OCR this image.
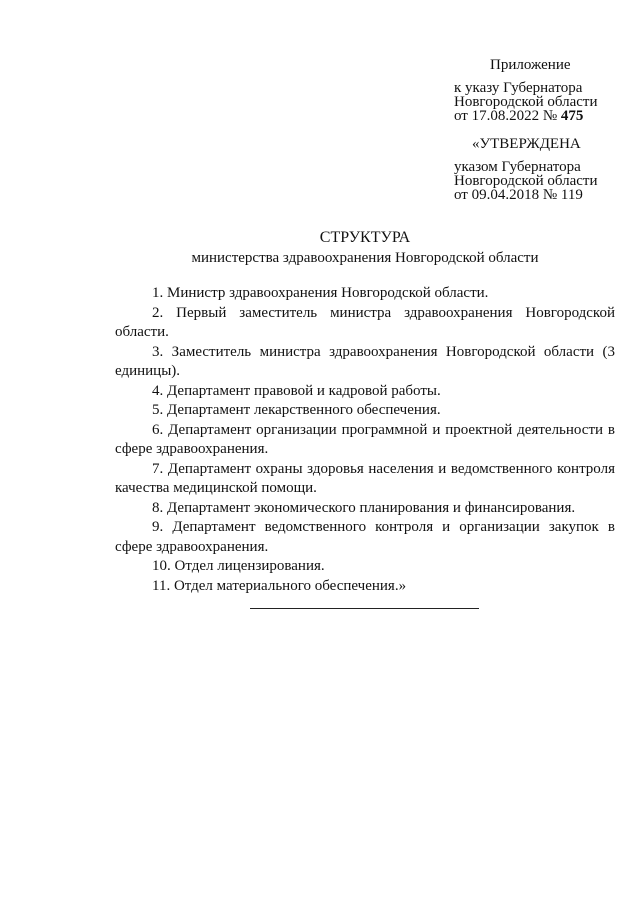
Приложение
к указу Губернатора
Новгородской области
от 17.08.2022 № 475
«УТВЕРЖДЕНА
указом Губернатора
Новгородской области
от 09.04.2018 № 119
СТРУКТУРА
министерства здравоохранения Новгородской области

1. Министр здравоохранения Новгородской области.

2. Первый заместитель министра здравоохранения Новгородской области.

3. Заместитель министра здравоохранения Новгородской области (3 единицы).

4. Департамент правовой и кадровой работы.

5. Департамент лекарственного обеспечения.

6. Департамент организации программной и проектной деятельности в сфере здравоохранения.

7. Департамент охраны здоровья населения и ведомственного контроля качества медицинской помощи.

8. Департамент экономического планирования и финансирования.

9. Департамент ведомственного контроля и организации закупок в сфере здравоохранения.

10. Отдел лицензирования.

11. Отдел материального обеспечения.»
